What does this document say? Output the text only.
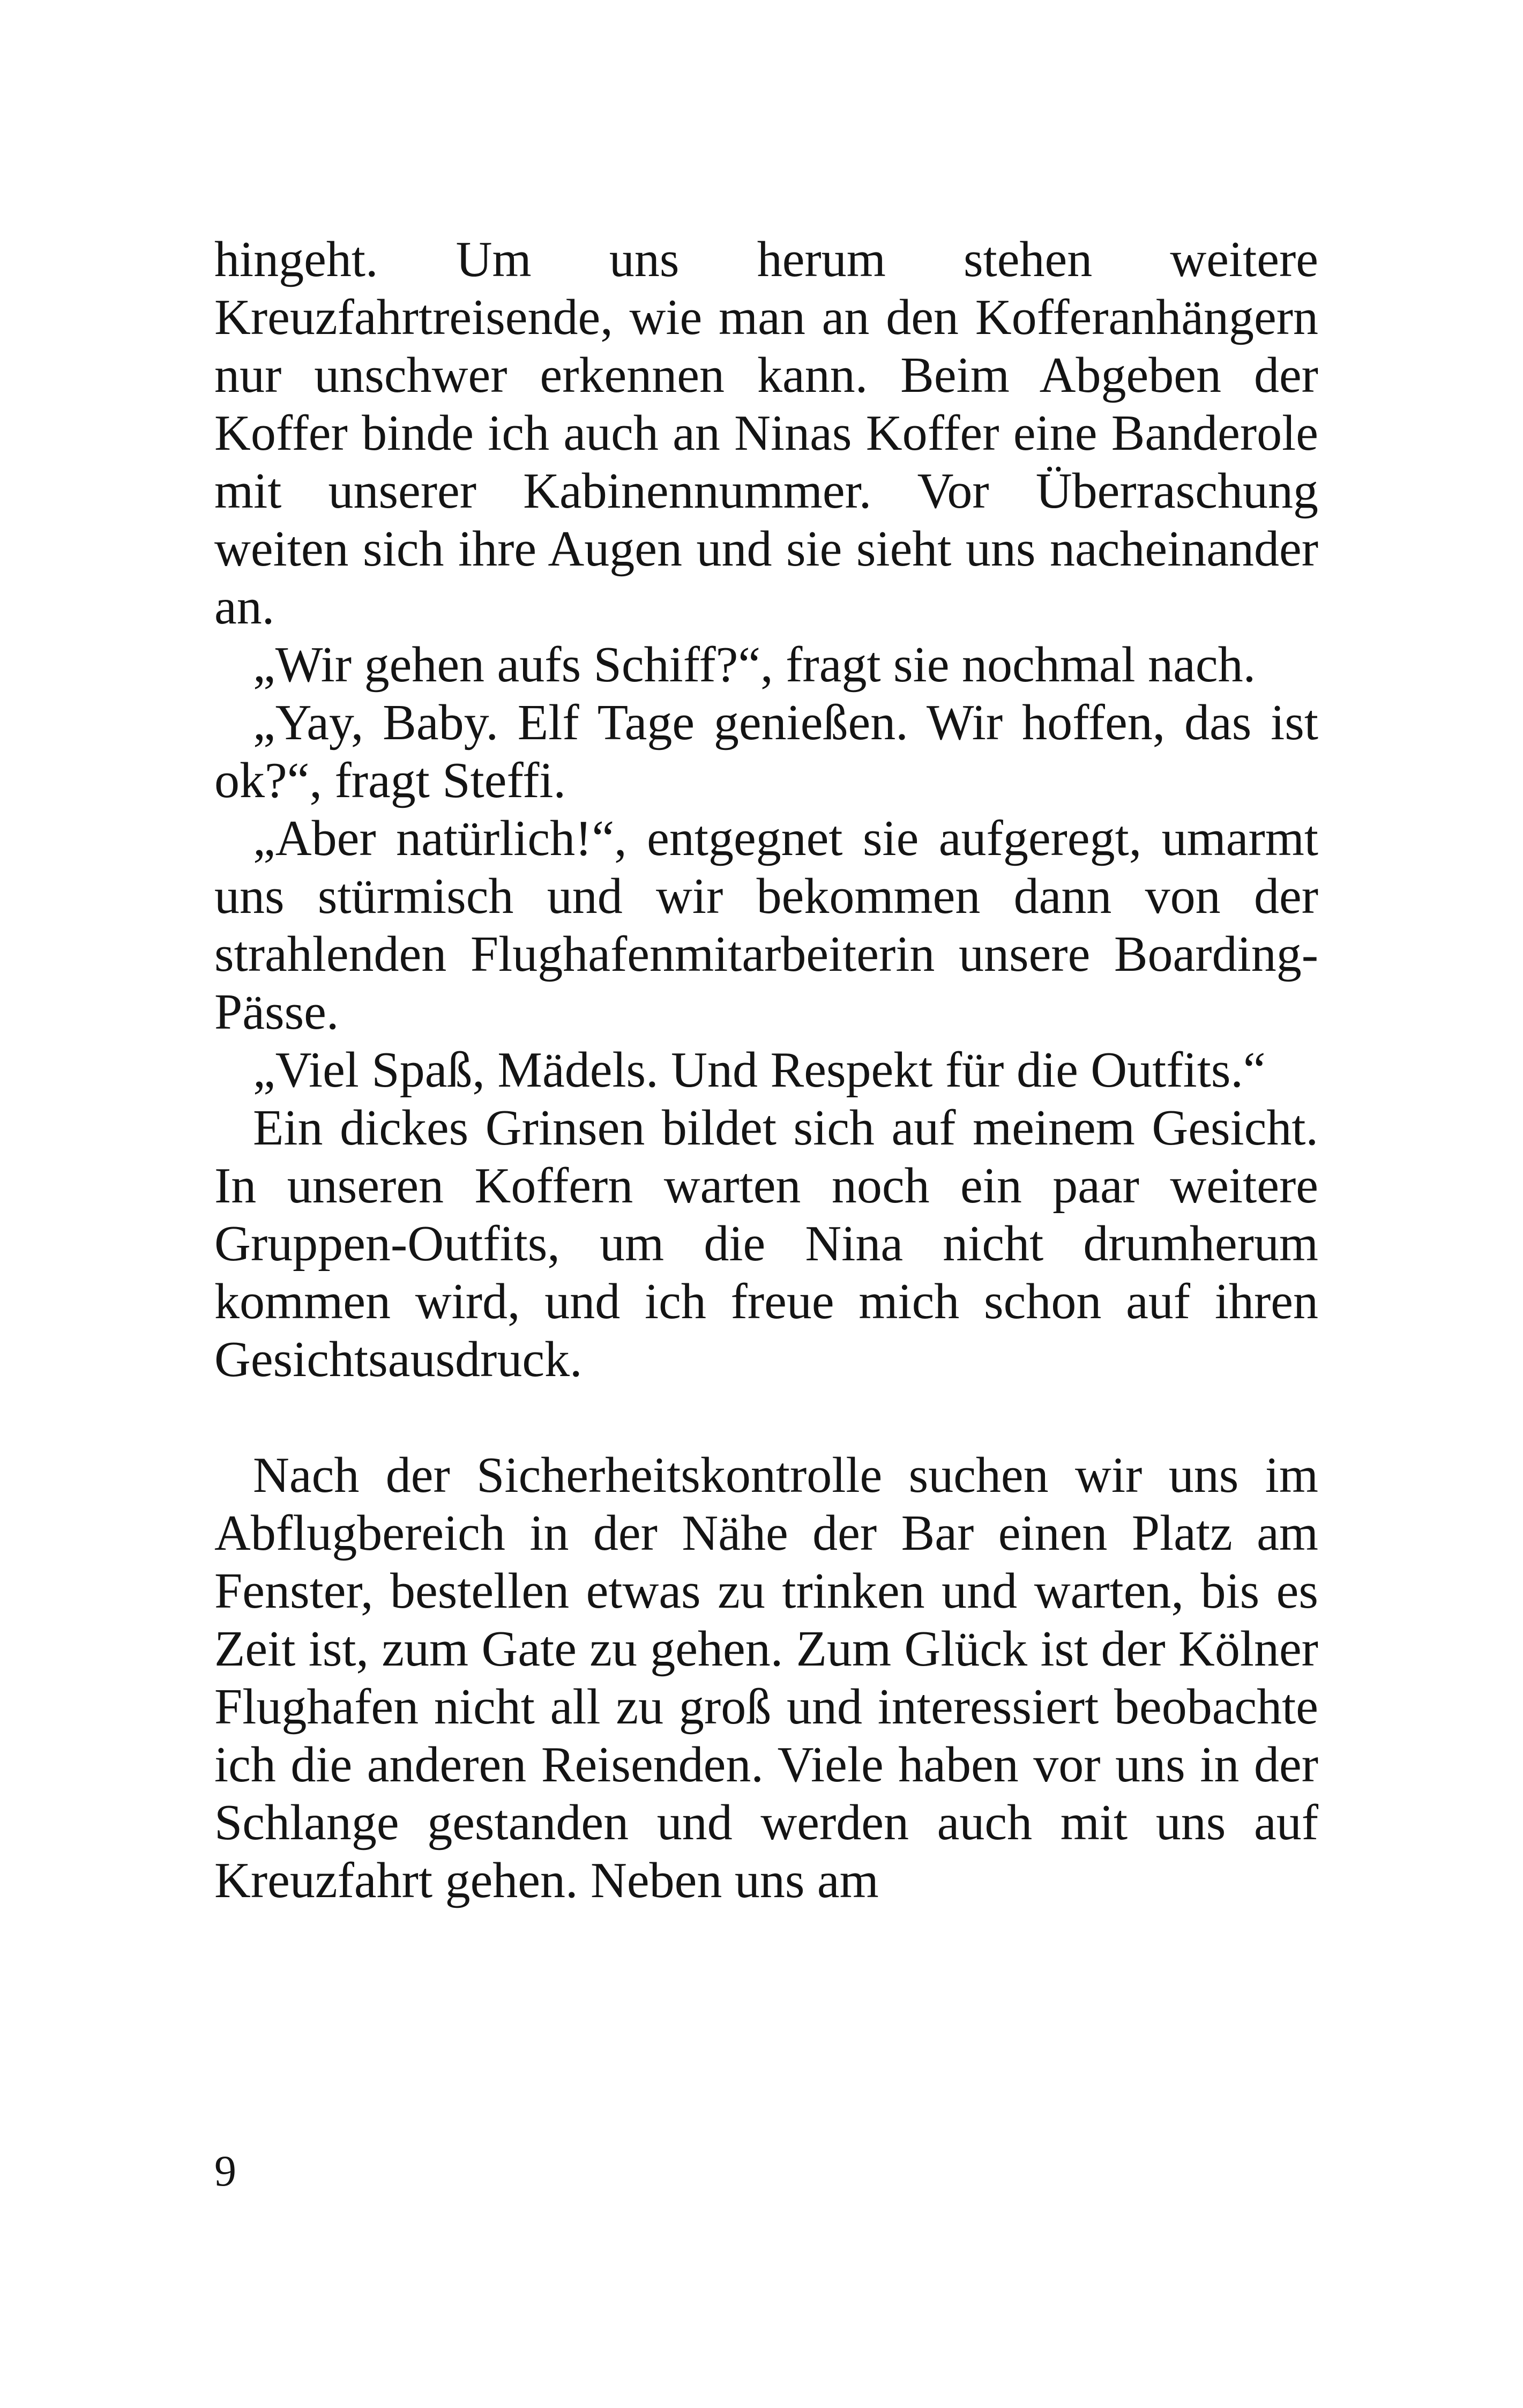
hingeht. Um uns herum stehen weitere Kreuzfahrtreisende, wie man an den Kofferanhängern nur unschwer erkennen kann. Beim Abgeben der Koffer binde ich auch an Ninas Koffer eine Banderole mit unserer Kabinennummer. Vor Überraschung weiten sich ihre Augen und sie sieht uns nacheinander an.

„Wir gehen aufs Schiff?“, fragt sie nochmal nach.

„Yay, Baby. Elf Tage genießen. Wir hoffen, das ist ok?“, fragt Steffi.

„Aber natürlich!“, entgegnet sie aufgeregt, umarmt uns stürmisch und wir bekommen dann von der strahlenden Flughafenmitarbeiterin unsere Boarding-Pässe.

„Viel Spaß, Mädels. Und Respekt für die Outfits.“

Ein dickes Grinsen bildet sich auf meinem Gesicht. In unseren Koffern warten noch ein paar weitere Gruppen-Outfits, um die Nina nicht drumherum kommen wird, und ich freue mich schon auf ihren Gesichtsausdruck.

Nach der Sicherheitskontrolle suchen wir uns im Abflugbereich in der Nähe der Bar einen Platz am Fenster, bestellen etwas zu trinken und warten, bis es Zeit ist, zum Gate zu gehen. Zum Glück ist der Kölner Flughafen nicht all zu groß und interessiert beobachte ich die anderen Reisenden. Viele haben vor uns in der Schlange gestanden und werden auch mit uns auf Kreuzfahrt gehen. Neben uns am

9
